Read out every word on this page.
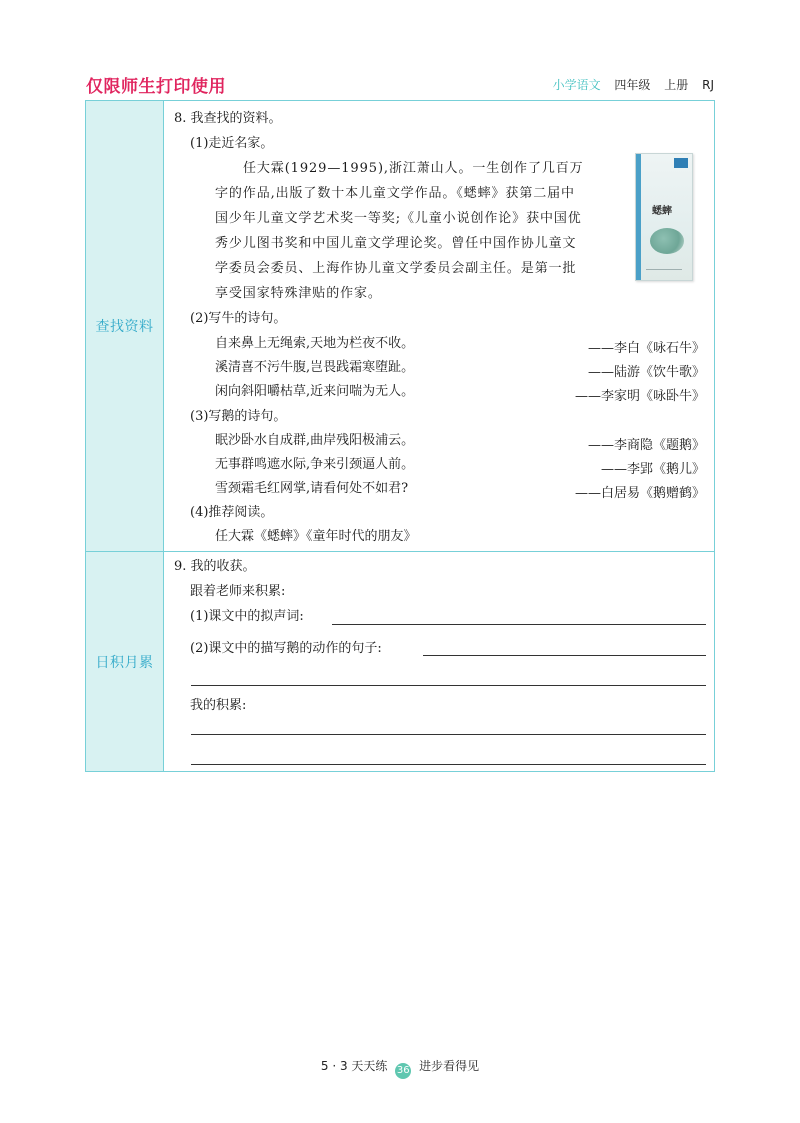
仅限师生打印使用	小学语文 四年级 上册 RJ
查找资料
日积月累
8. 我查找的资料。
(1)走近名家。
任大霖(1929—1995),浙江萧山人。一生创作了几百万
字的作品,出版了数十本儿童文学作品。《蟋蟀》获第二届中
国少年儿童文学艺术奖一等奖;《儿童小说创作论》获中国优
秀少儿图书奖和中国儿童文学理论奖。曾任中国作协儿童文
学委员会委员、上海作协儿童文学委员会副主任。是第一批
享受国家特殊津贴的作家。
蟋蟀
(2)写牛的诗句。
自来鼻上无绳索,天地为栏夜不收。	——李白《咏石牛》
溪清喜不污牛腹,岂畏践霜寒堕趾。	——陆游《饮牛歌》
闲向斜阳嚼枯草,近来问喘为无人。	——李家明《咏卧牛》
(3)写鹅的诗句。
眠沙卧水自成群,曲岸残阳极浦云。	——李商隐《题鹅》
无事群鸣遮水际,争来引颈逼人前。	——李郢《鹅儿》
雪颈霜毛红网掌,请看何处不如君?	——白居易《鹅赠鹤》
(4)推荐阅读。
任大霖《蟋蟀》《童年时代的朋友》
9. 我的收获。
跟着老师来积累:
(1)课文中的拟声词:
(2)课文中的描写鹅的动作的句子:
我的积累:
5 · 3 天天练 36 进步看得见
